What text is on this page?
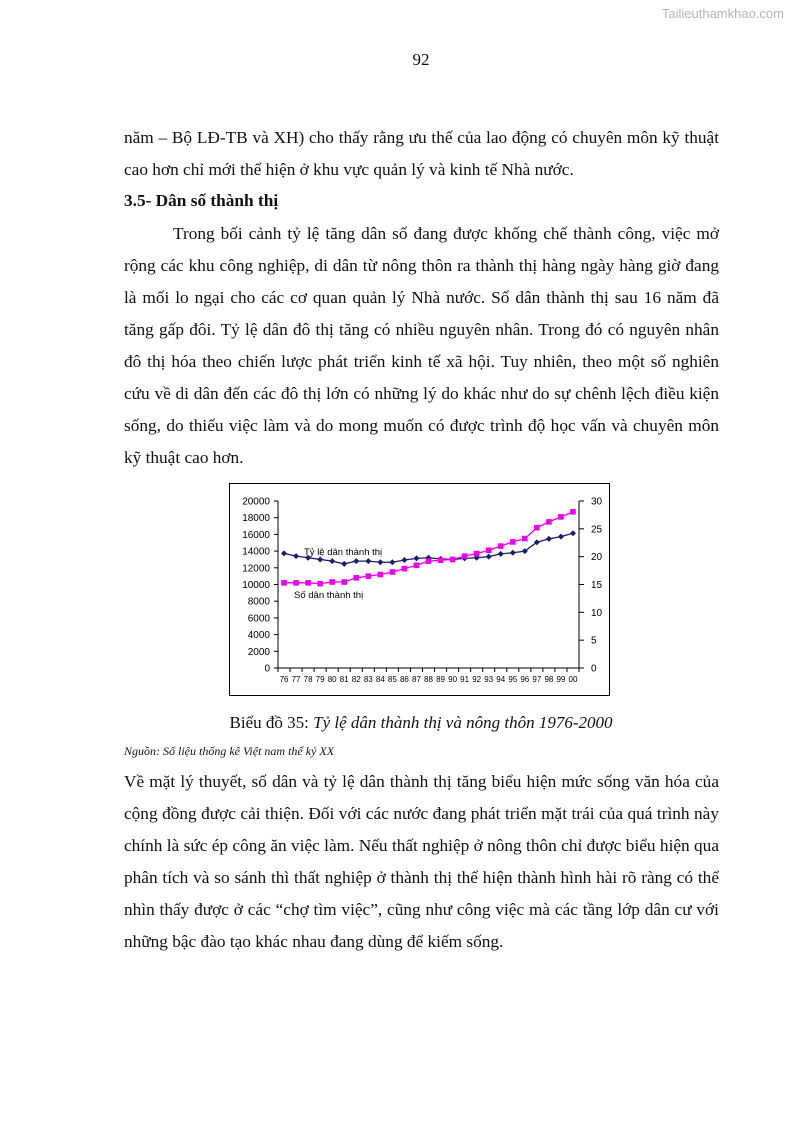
Tailieuthamkhao.com
92
năm – Bộ LĐ-TB và XH) cho thấy rằng ưu thế của lao động có chuyên môn kỹ thuật cao hơn chỉ mới thể hiện ở khu vực quản lý và kinh tế Nhà nước.
3.5- Dân số thành thị
Trong bối cảnh tỷ lệ tăng dân số đang được khống chế thành công, việc mở rộng các khu công nghiệp, di dân từ nông thôn ra thành thị hàng ngày hàng giờ đang là mối lo ngại cho các cơ quan quản lý Nhà nước. Số dân thành thị sau 16 năm đã tăng gấp đôi. Tỷ lệ dân đô thị tăng có nhiều nguyên nhân. Trong đó có nguyên nhân đô thị hóa theo chiến lược phát triển kinh tế xã hội. Tuy nhiên, theo một số nghiên cứu về di dân đến các đô thị lớn có những lý do khác như do sự chênh lệch điều kiện sống, do thiếu việc làm và do mong muốn có được trình độ học vấn và chuyên môn kỹ thuật cao hơn.
0
2000
4000
6000
8000
10000
12000
14000
16000
18000
20000
0
5
10
15
20
25
30
76 77 78 79 80 81 82 83 84 85 86 87 88 89 90 91 92 93 94 95 96 97 98 99 00
Tỷ lệ dân thành thị
Số dân thành thị
Biểu đồ 35: Tỷ lệ dân thành thị và nông thôn 1976-2000
Nguồn: Số liệu thống kê Việt nam thế kỷ XX
Về mặt lý thuyết, số dân và tỷ lệ dân thành thị tăng biểu hiện mức sống văn hóa của cộng đồng được cải thiện. Đối với các nước đang phát triển mặt trái của quá trình này chính là sức ép công ăn việc làm. Nếu thất nghiệp ở nông thôn chỉ được biểu hiện qua phân tích và so sánh thì thất nghiệp ở thành thị thể hiện thành hình hài rõ ràng có thể nhìn thấy được ở các “chợ tìm việc”, cũng như công việc mà các tầng lớp dân cư với những bậc đào tạo khác nhau đang dùng để kiếm sống.
